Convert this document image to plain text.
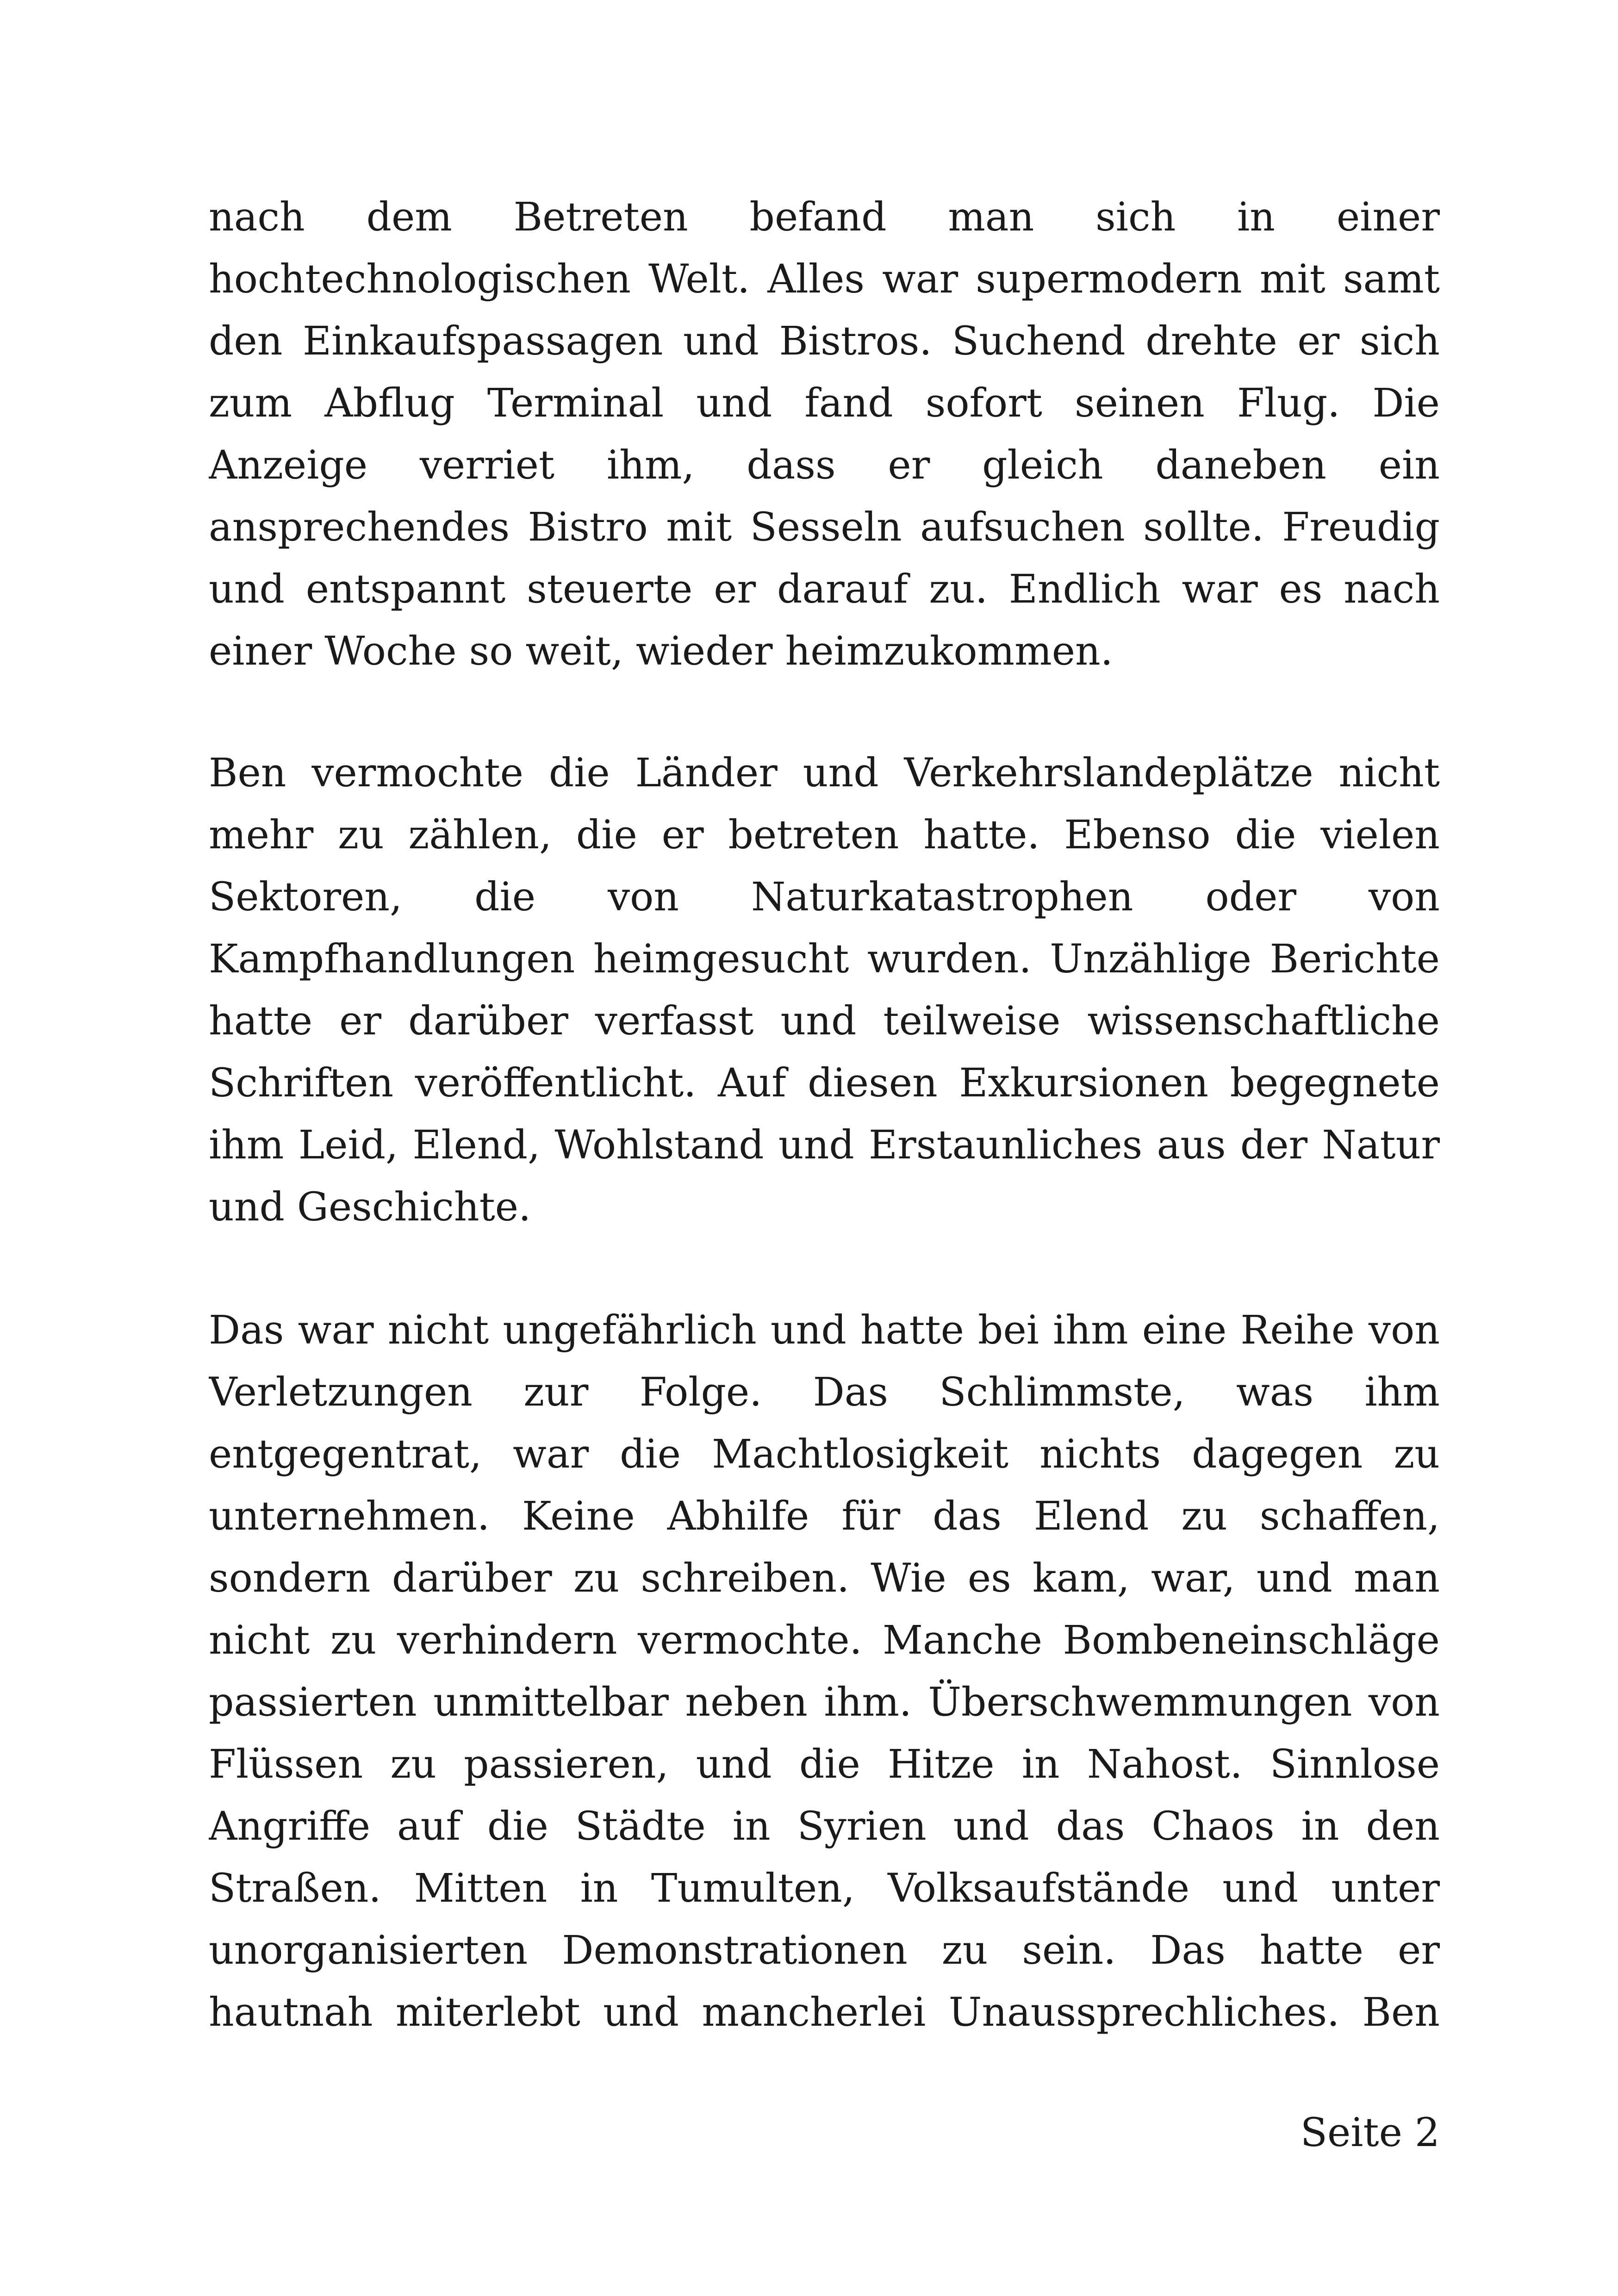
nach dem Betreten befand man sich in einer
hochtechnologischen Welt. Alles war supermodern mit samt
den Einkaufspassagen und Bistros. Suchend drehte er sich
zum Abflug Terminal und fand sofort seinen Flug. Die
Anzeige verriet ihm, dass er gleich daneben ein
ansprechendes Bistro mit Sesseln aufsuchen sollte. Freudig
und entspannt steuerte er darauf zu. Endlich war es nach
einer Woche so weit, wieder heimzukommen.
Ben vermochte die Länder und Verkehrslandeplätze nicht
mehr zu zählen, die er betreten hatte. Ebenso die vielen
Sektoren, die von Naturkatastrophen oder von
Kampfhandlungen heimgesucht wurden. Unzählige Berichte
hatte er darüber verfasst und teilweise wissenschaftliche
Schriften veröffentlicht. Auf diesen Exkursionen begegnete
ihm Leid, Elend, Wohlstand und Erstaunliches aus der Natur
und Geschichte.
Das war nicht ungefährlich und hatte bei ihm eine Reihe von
Verletzungen zur Folge. Das Schlimmste, was ihm
entgegentrat, war die Machtlosigkeit nichts dagegen zu
unternehmen. Keine Abhilfe für das Elend zu schaffen,
sondern darüber zu schreiben. Wie es kam, war, und man
nicht zu verhindern vermochte. Manche Bombeneinschläge
passierten unmittelbar neben ihm. Überschwemmungen von
Flüssen zu passieren, und die Hitze in Nahost. Sinnlose
Angriffe auf die Städte in Syrien und das Chaos in den
Straßen. Mitten in Tumulten, Volksaufstände und unter
unorganisierten Demonstrationen zu sein. Das hatte er
hautnah miterlebt und mancherlei Unaussprechliches. Ben
Seite 2
